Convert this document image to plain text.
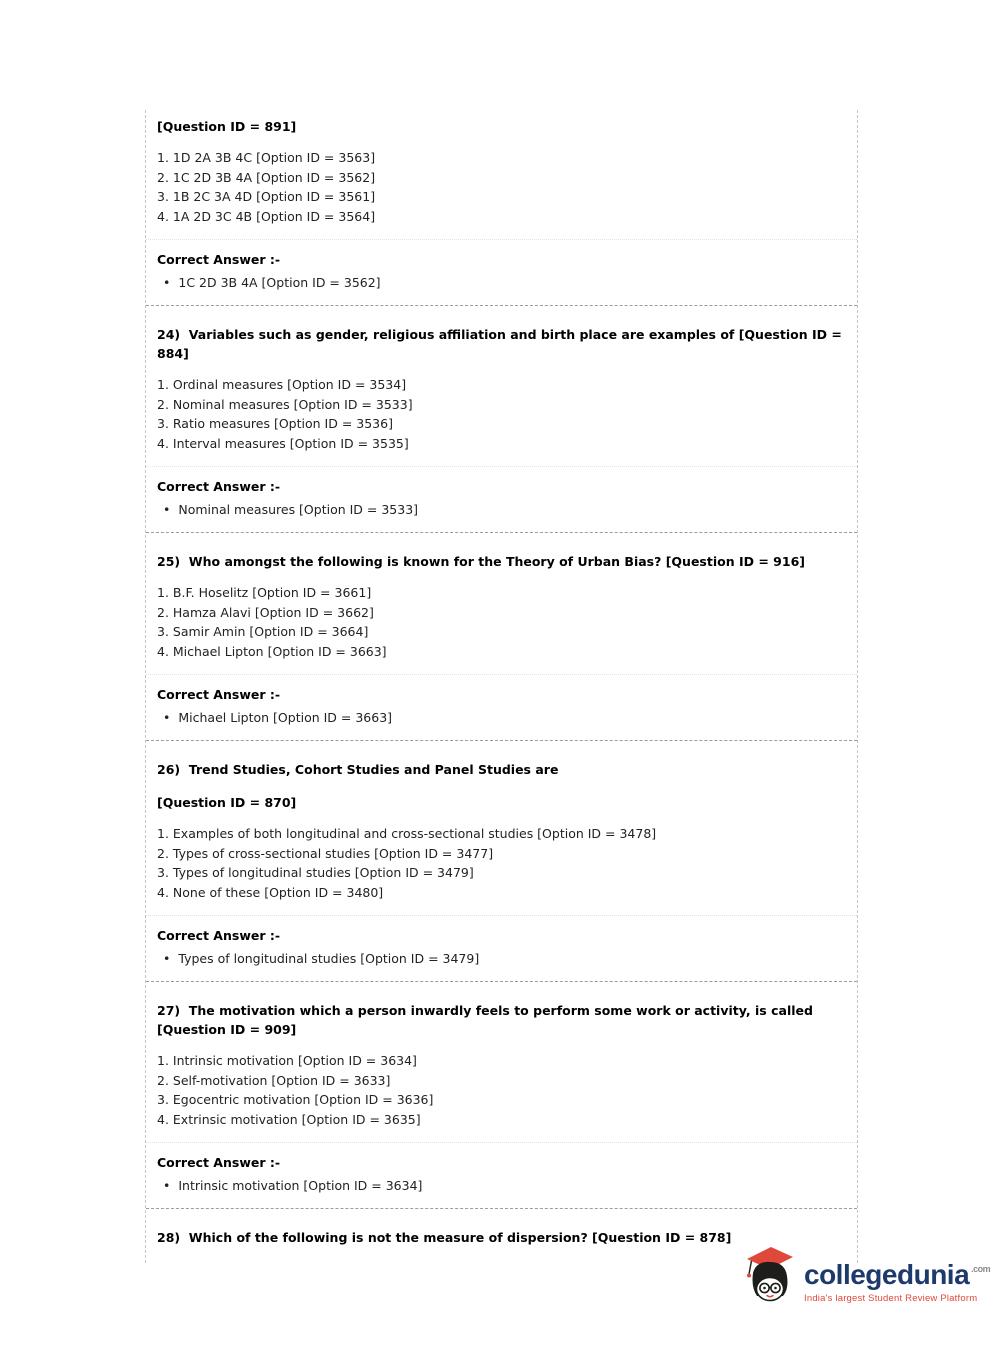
[Question ID = 891]

1. 1D 2A 3B 4C [Option ID = 3563]
2. 1C 2D 3B 4A [Option ID = 3562]
3. 1B 2C 3A 4D [Option ID = 3561]
4. 1A 2D 3C 4B [Option ID = 3564]
Correct Answer :-
•
1C 2D 3B 4A [Option ID = 3562]

24)  Variables such as gender, religious affiliation and birth place are examples of [Question ID = 884]

1. Ordinal measures [Option ID = 3534]
2. Nominal measures [Option ID = 3533]
3. Ratio measures [Option ID = 3536]
4. Interval measures [Option ID = 3535]
Correct Answer :-
•
Nominal measures [Option ID = 3533]

25)  Who amongst the following is known for the Theory of Urban Bias? [Question ID = 916]

1. B.F. Hoselitz [Option ID = 3661]
2. Hamza Alavi [Option ID = 3662]
3. Samir Amin [Option ID = 3664]
4. Michael Lipton [Option ID = 3663]
Correct Answer :-
•
Michael Lipton [Option ID = 3663]

26)  Trend Studies, Cohort Studies and Panel Studies are

[Question ID = 870]

1. Examples of both longitudinal and cross-sectional studies [Option ID = 3478]
2. Types of cross-sectional studies [Option ID = 3477]
3. Types of longitudinal studies [Option ID = 3479]
4. None of these [Option ID = 3480]
Correct Answer :-
•
Types of longitudinal studies [Option ID = 3479]

27)  The motivation which a person inwardly feels to perform some work or activity, is called [Question ID = 909]

1. Intrinsic motivation [Option ID = 3634]
2. Self-motivation [Option ID = 3633]
3. Egocentric motivation [Option ID = 3636]
4. Extrinsic motivation [Option ID = 3635]
Correct Answer :-
•
Intrinsic motivation [Option ID = 3634]

28)  Which of the following is not the measure of dispersion? [Question ID = 878]

collegedunia $^{.com}$
India's largest Student Review Platform
